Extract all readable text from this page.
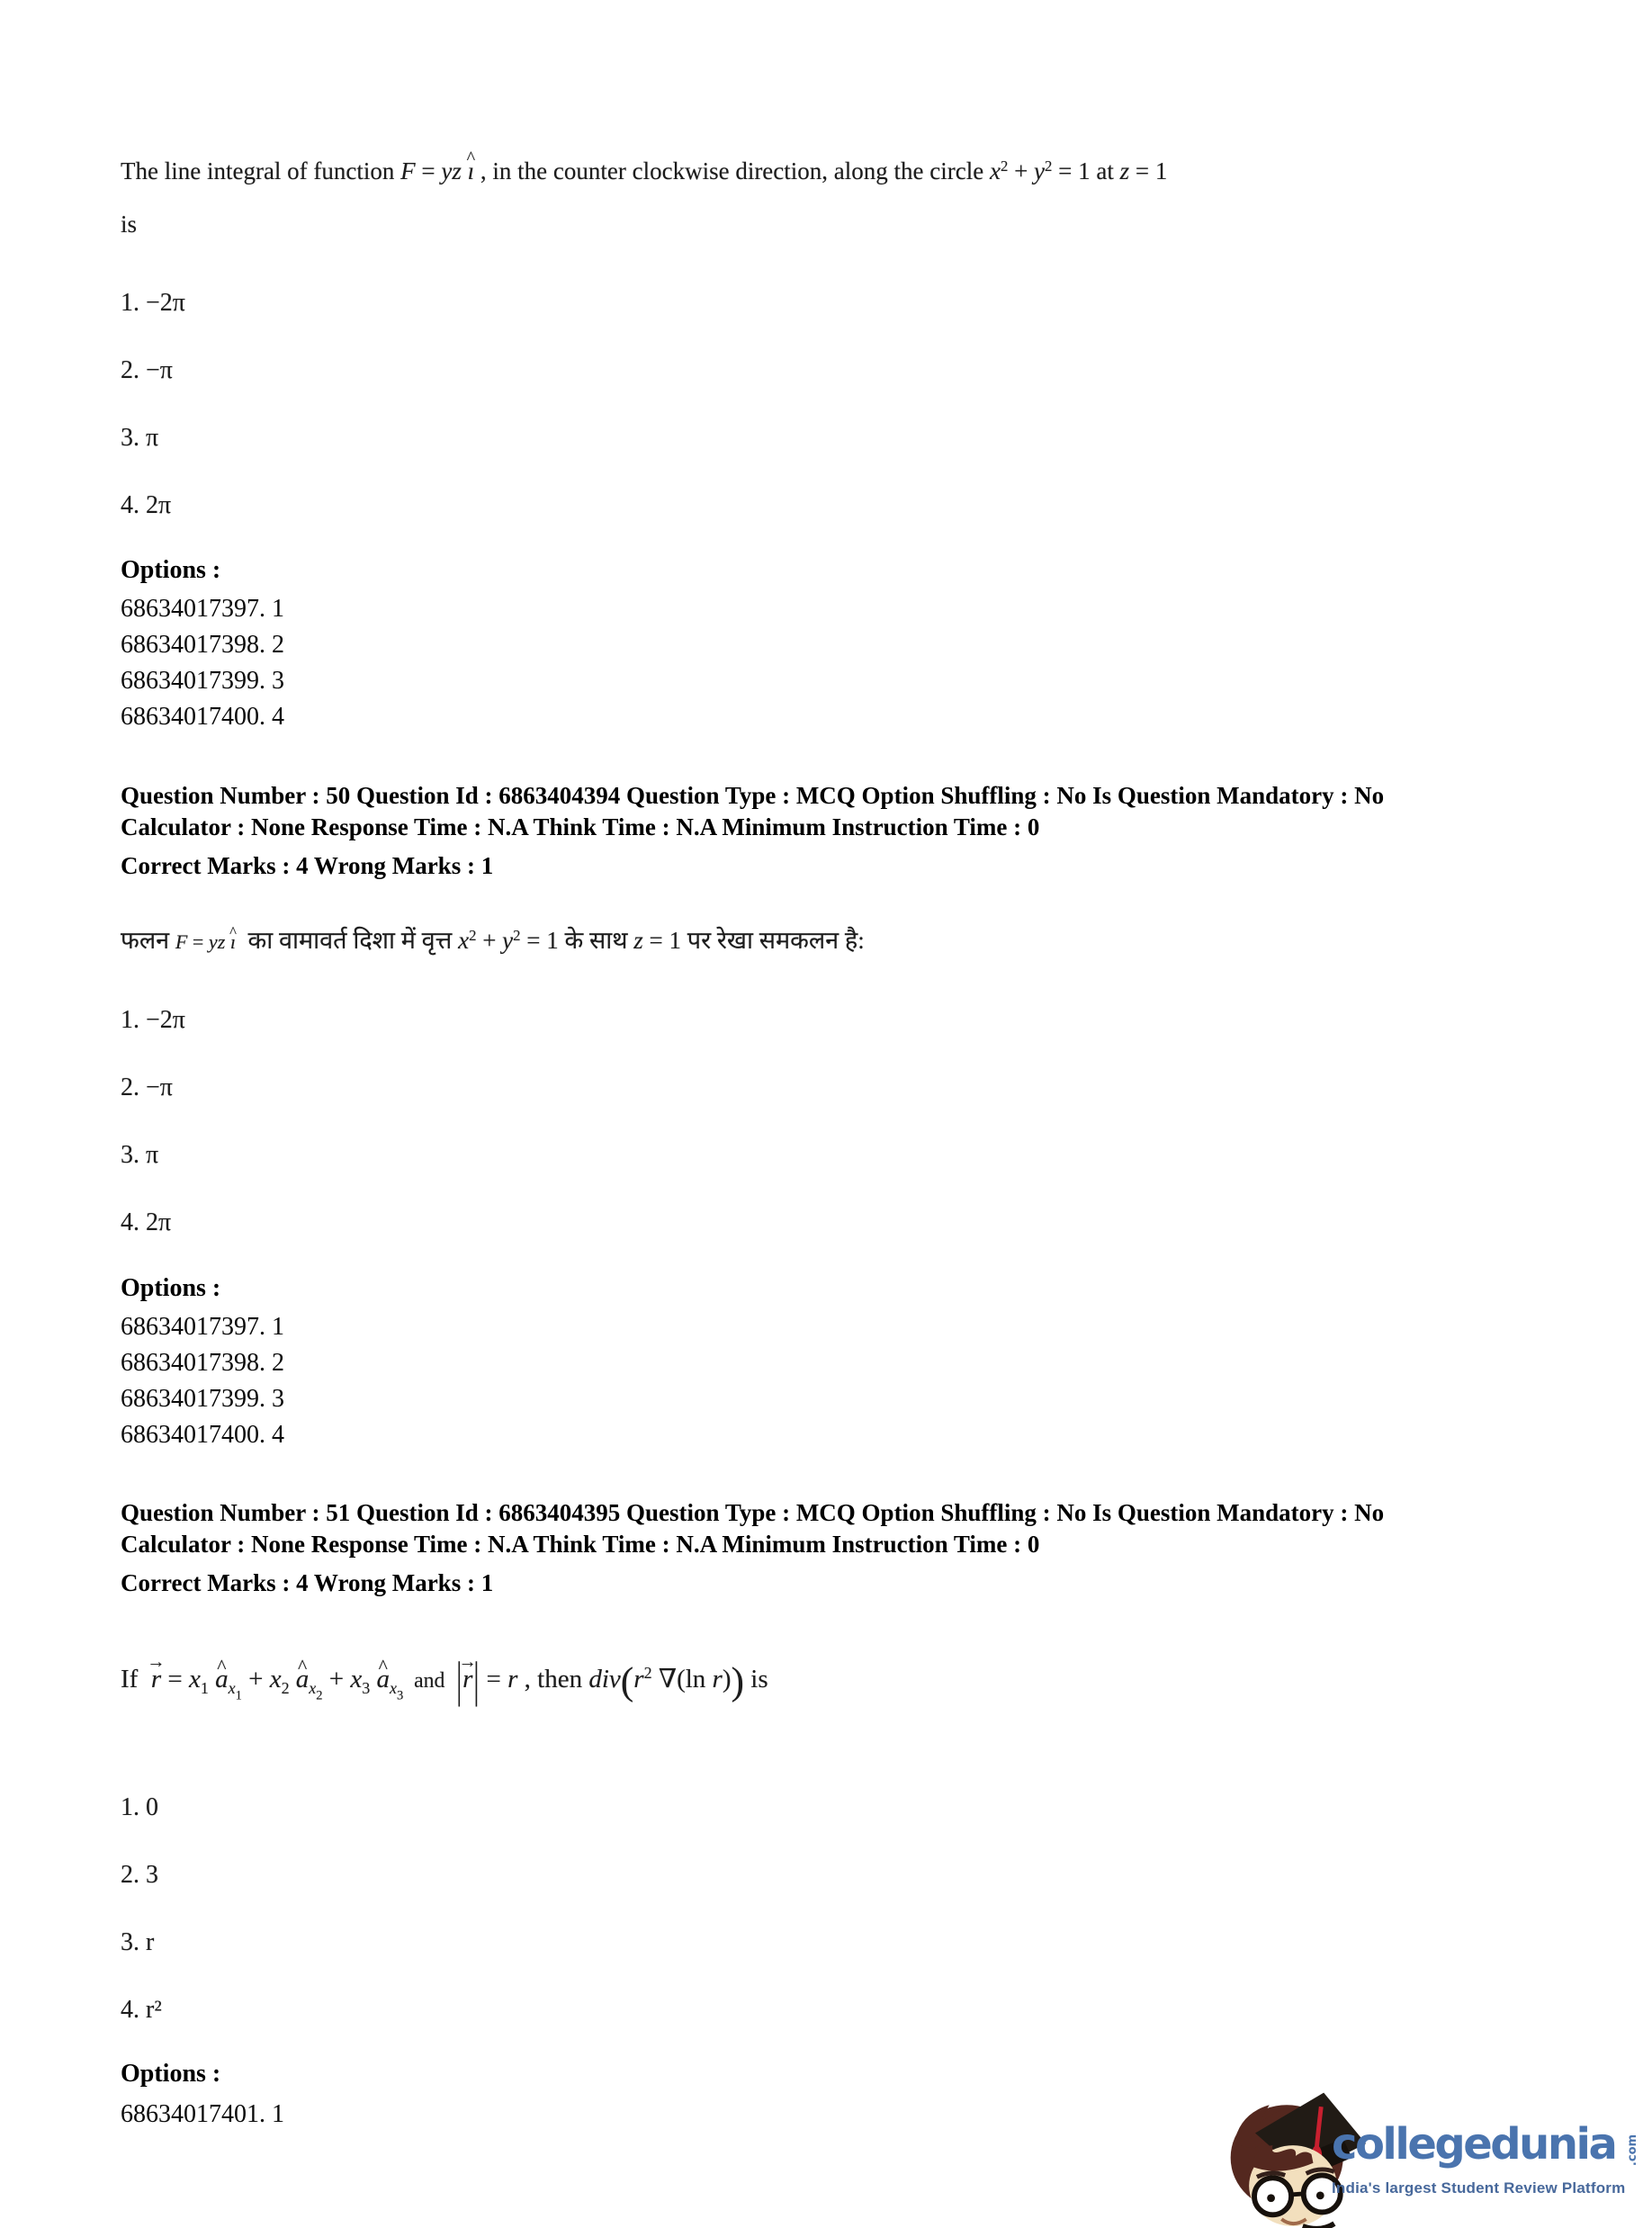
The line integral of function F = yz ^ ı , in the counter clockwise direction, along the circle $x^2 + y^2 = 1$ at z = 1

is

1. −2π

2. −π

3. π

4. 2π

Options :

68634017397. 1

68634017398. 2

68634017399. 3

68634017400. 4

Question Number : 50 Question Id : 6863404394 Question Type : MCQ Option Shuffling : No Is Question Mandatory : No

Calculator : None Response Time : N.A Think Time : N.A Minimum Instruction Time : 0

Correct Marks : 4 Wrong Marks : 1

फलन F = yz ^ ı  का वामावर्त दिशा में वृत्त $x^2 + y^2 = 1$ के साथ z = 1 पर रेखा समकलन है:

1. −2π

2. −π

3. π

4. 2π

Options :

68634017397. 1

68634017398. 2

68634017399. 3

68634017400. 4

Question Number : 51 Question Id : 6863404395 Question Type : MCQ Option Shuffling : No Is Question Mandatory : No

Calculator : None Response Time : N.A Think Time : N.A Minimum Instruction Time : 0

Correct Marks : 4 Wrong Marks : 1

$If \to r = x_1$ ^ $a_{x1} + x_2$ ^ $a_{x2} + x_3$ ^ $a_{x3}$  and  |→ r| = r , then $div(r^2$ ∇(ln r)) is

1. 0

2. 3

3. r

4. r²

Options :

68634017401. 1

collegedunia .com
India's largest Student Review Platform
